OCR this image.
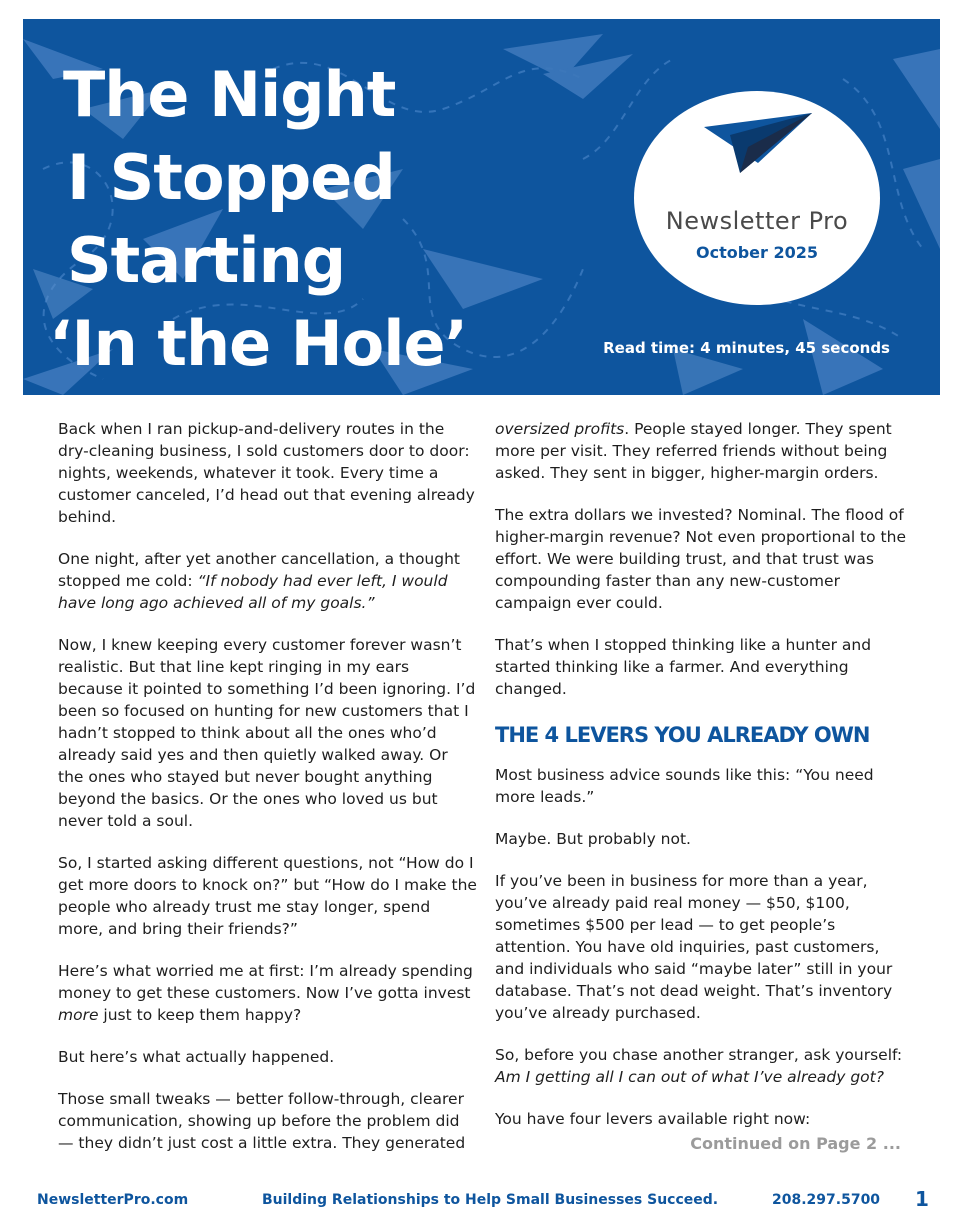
The Night
I Stopped
Starting
‘In the Hole’
Newsletter Pro
October 2025
Read time: 4 minutes, 45 seconds

Back when I ran pickup-and-delivery routes in the dry-cleaning business, I sold customers door to door: nights, weekends, whatever it took. Every time a customer canceled, I’d head out that evening already behind.

One night, after yet another cancellation, a thought stopped me cold: “If nobody had ever left, I would have long ago achieved all of my goals.”

Now, I knew keeping every customer forever wasn’t realistic. But that line kept ringing in my ears because it pointed to something I’d been ignoring. I’d been so focused on hunting for new customers that I hadn’t stopped to think about all the ones who’d already said yes and then quietly walked away. Or the ones who stayed but never bought anything beyond the basics. Or the ones who loved us but never told a soul.

So, I started asking different questions, not “How do I get more doors to knock on?” but “How do I make the people who already trust me stay longer, spend more, and bring their friends?”

Here’s what worried me at first: I’m already spending money to get these customers. Now I’ve gotta invest more just to keep them happy?

But here’s what actually happened.

Those small tweaks — better follow-through, clearer communication, showing up before the problem did — they didn’t just cost a little extra. They generated

oversized profits. People stayed longer. They spent more per visit. They referred friends without being asked. They sent in bigger, higher-margin orders.

The extra dollars we invested? Nominal. The flood of higher-margin revenue? Not even proportional to the effort. We were building trust, and that trust was compounding faster than any new-customer campaign ever could.

That’s when I stopped thinking like a hunter and started thinking like a farmer. And everything changed.

THE 4 LEVERS YOU ALREADY OWN

Most business advice sounds like this: “You need more leads.”

Maybe. But probably not.

If you’ve been in business for more than a year, you’ve already paid real money — $50, $100, sometimes $500 per lead — to get people’s attention. You have old inquiries, past customers, and individuals who said “maybe later” still in your database. That’s not dead weight. That’s inventory you’ve already purchased.

So, before you chase another stranger, ask yourself: Am I getting all I can out of what I’ve already got?

You have four levers available right now:

Continued on Page 2 ...
NewsletterPro.com	Building Relationships to Help Small Businesses Succeed.	208.297.5700 1
